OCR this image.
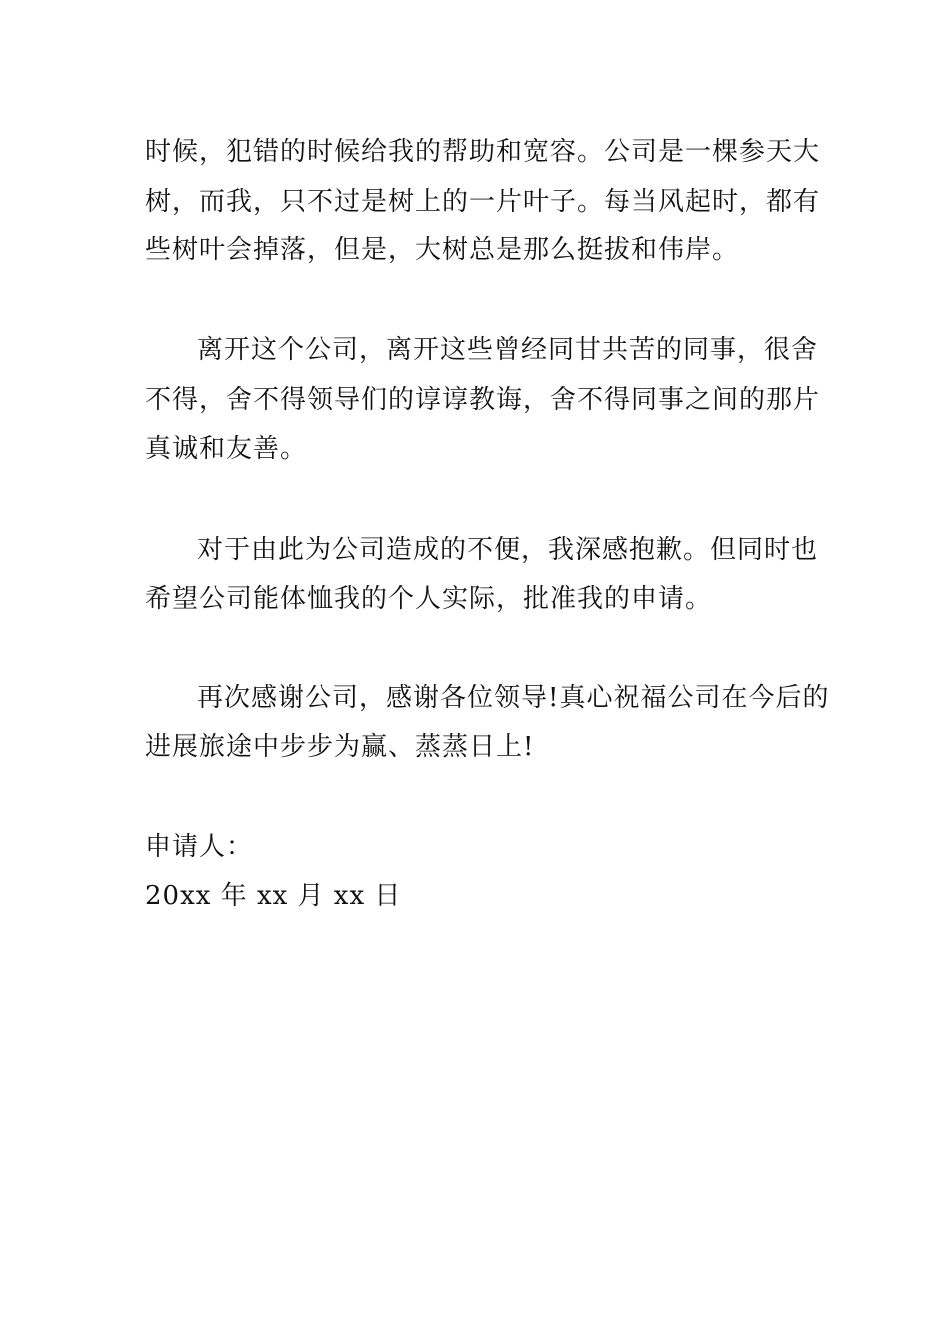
时候，犯错的时候给我的帮助和宽容。公司是一棵参天大
树，而我，只不过是树上的一片叶子。每当风起时，都有
些树叶会掉落，但是，大树总是那么挺拔和伟岸。
离开这个公司，离开这些曾经同甘共苦的同事，很舍
不得，舍不得领导们的谆谆教诲，舍不得同事之间的那片
真诚和友善。
对于由此为公司造成的不便，我深感抱歉。但同时也
希望公司能体恤我的个人实际，批准我的申请。
再次感谢公司，感谢各位领导!真心祝福公司在今后的
进展旅途中步步为赢、蒸蒸日上!
申请人：
20xx 年 xx 月 xx 日
